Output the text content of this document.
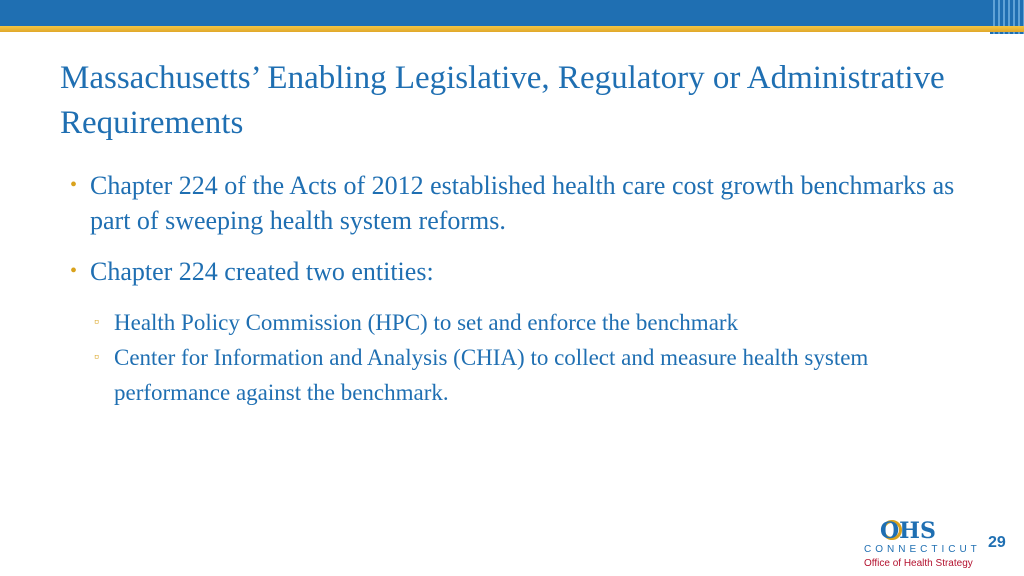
Massachusetts’ Enabling Legislative, Regulatory or Administrative Requirements
• Chapter 224 of the Acts of 2012 established health care cost growth benchmarks as part of sweeping health system reforms.
• Chapter 224 created two entities:
▫ Health Policy Commission (HPC) to set and enforce the benchmark
▫ Center for Information and Analysis (CHIA) to collect and measure health system performance against the benchmark.
OHS
CONNECTICUT
Office of Health Strategy
29
